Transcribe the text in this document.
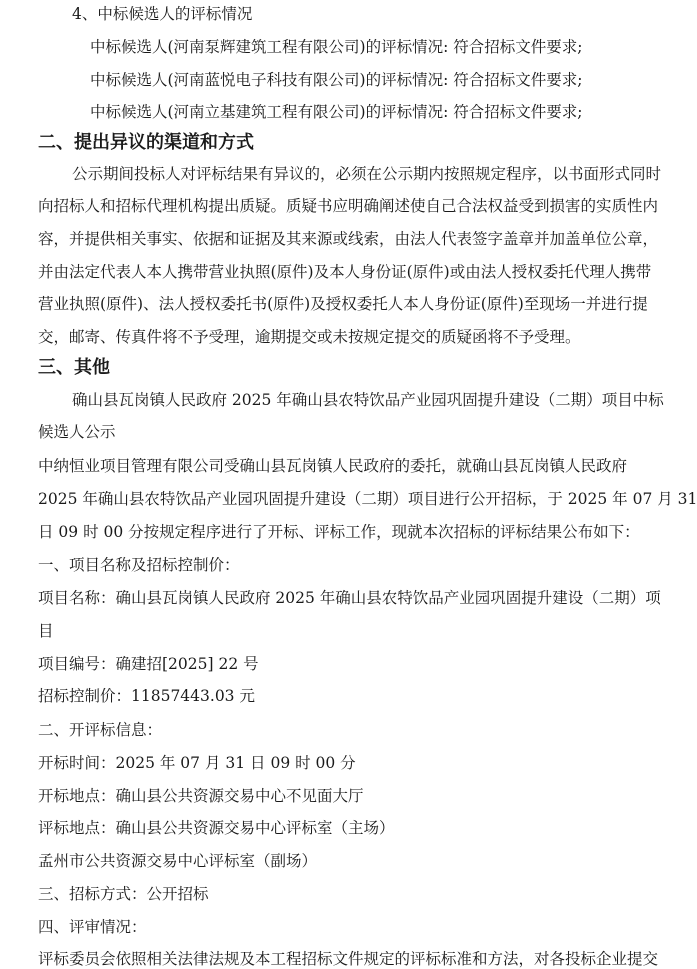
4、中标候选人的评标情况
中标候选人(河南泵辉建筑工程有限公司)的评标情况: 符合招标文件要求;
中标候选人(河南蓝悦电子科技有限公司)的评标情况: 符合招标文件要求;
中标候选人(河南立基建筑工程有限公司)的评标情况: 符合招标文件要求;
二、提出异议的渠道和方式
公示期间投标人对评标结果有异议的，必须在公示期内按照规定程序，以书面形式同时
向招标人和招标代理机构提出质疑。质疑书应明确阐述使自己合法权益受到损害的实质性内
容，并提供相关事实、依据和证据及其来源或线索，由法人代表签字盖章并加盖单位公章，
并由法定代表人本人携带营业执照(原件)及本人身份证(原件)或由法人授权委托代理人携带
营业执照(原件)、法人授权委托书(原件)及授权委托人本人身份证(原件)至现场一并进行提
交，邮寄、传真件将不予受理，逾期提交或未按规定提交的质疑函将不予受理。
三、其他
确山县瓦岗镇人民政府 2025 年确山县农特饮品产业园巩固提升建设（二期）项目中标
候选人公示
中纳恒业项目管理有限公司受确山县瓦岗镇人民政府的委托，就确山县瓦岗镇人民政府
2025 年确山县农特饮品产业园巩固提升建设（二期）项目进行公开招标，于 2025 年 07 月 31
日 09 时 00 分按规定程序进行了开标、评标工作，现就本次招标的评标结果公布如下：
一、项目名称及招标控制价：
项目名称：确山县瓦岗镇人民政府 2025 年确山县农特饮品产业园巩固提升建设（二期）项
目
项目编号：确建招[2025] 22 号
招标控制价：11857443.03 元
二、开评标信息：
开标时间：2025 年 07 月 31 日 09 时 00 分
开标地点：确山县公共资源交易中心不见面大厅
评标地点：确山县公共资源交易中心评标室（主场）
孟州市公共资源交易中心评标室（副场）
三、招标方式：公开招标
四、评审情况：
评标委员会依照相关法律法规及本工程招标文件规定的评标标准和方法，对各投标企业提交
